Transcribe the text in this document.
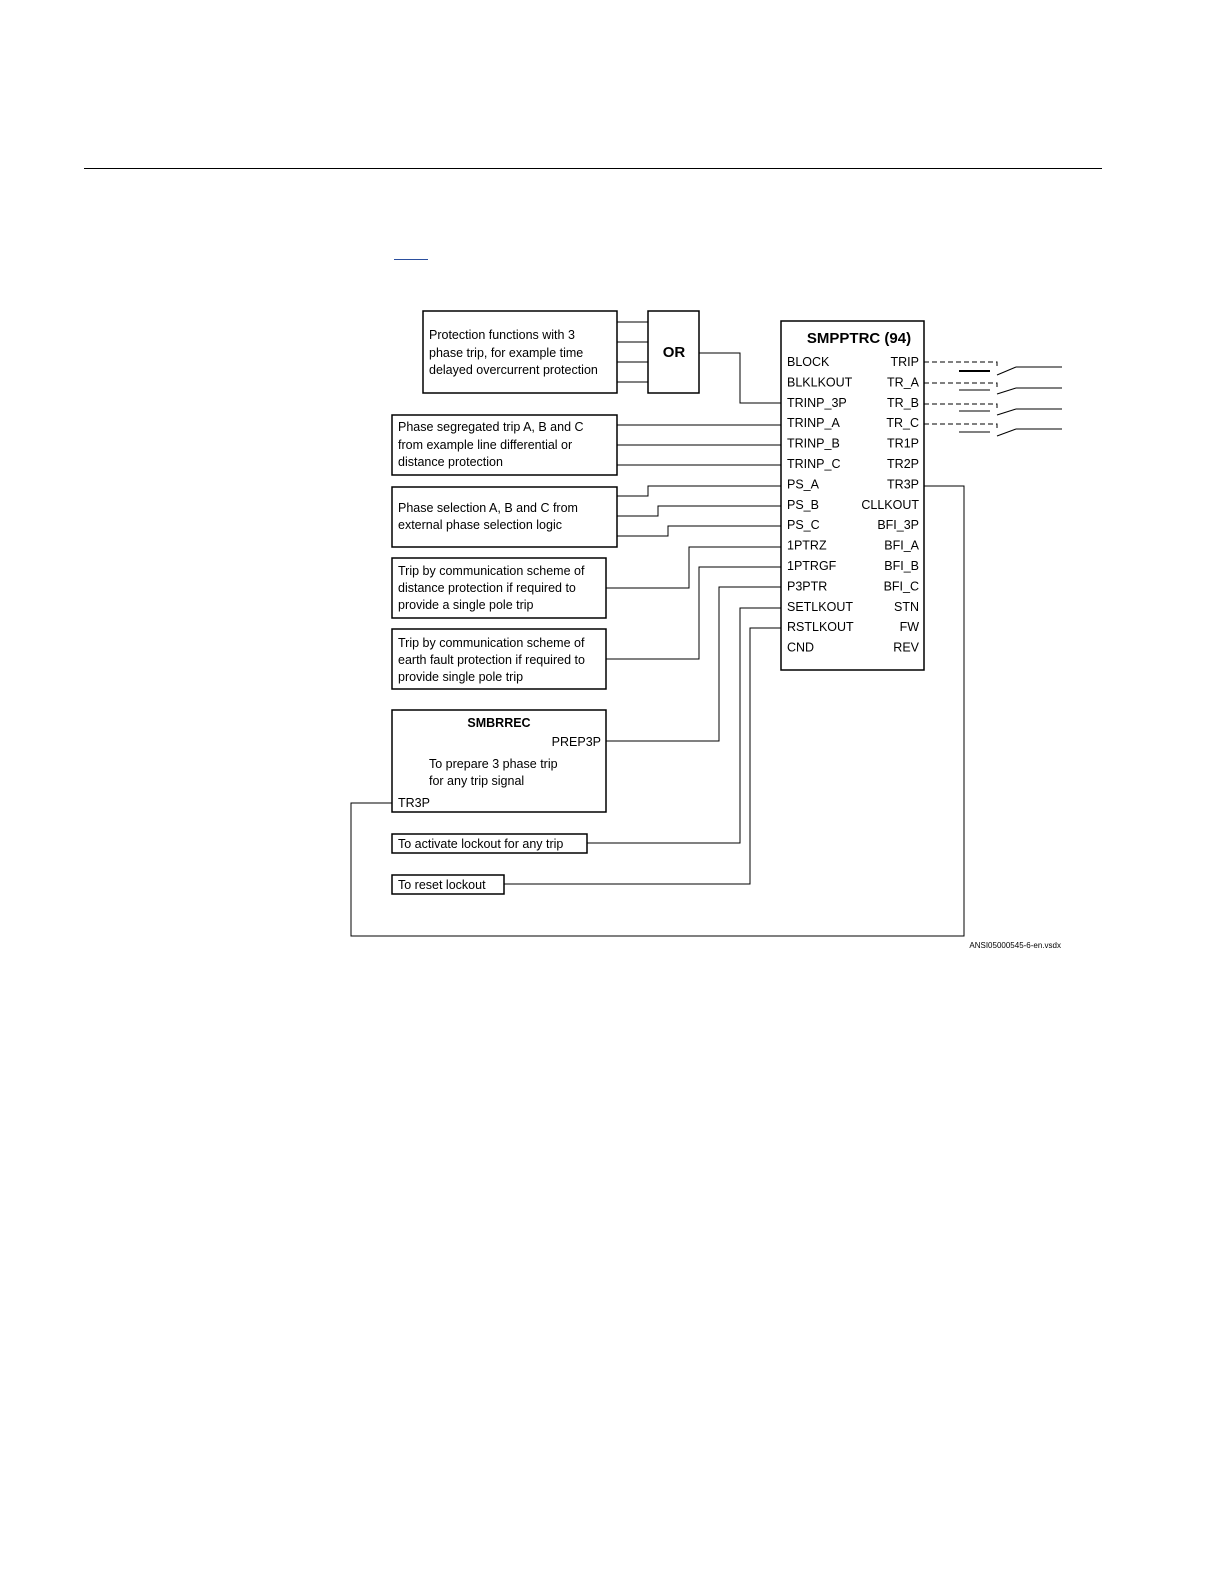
Protection functions with 3
phase trip, for example time
delayed overcurrent protection
OR
Phase segregated trip A, B and C
from example line differential or
distance protection
Phase selection A, B and C from
external phase selection logic
Trip by communication scheme of
distance protection if required to
provide a single pole trip
Trip by communication scheme of
earth fault protection if required to
provide single pole trip
SMBRREC
PREP3P
To prepare 3 phase trip
for any trip signal
TR3P
To activate lockout for any trip
To reset lockout
SMPPTRC (94)
BLOCK
BLKLKOUT
TRINP_3P
TRINP_A
TRINP_B
TRINP_C
PS_A
PS_B
PS_C
1PTRZ
1PTRGF
P3PTR
SETLKOUT
RSTLKOUT
CND
TRIP
TR_A
TR_B
TR_C
TR1P
TR2P
TR3P
CLLKOUT
BFI_3P
BFI_A
BFI_B
BFI_C
STN
FW
REV
ANSI05000545-6-en.vsdx
